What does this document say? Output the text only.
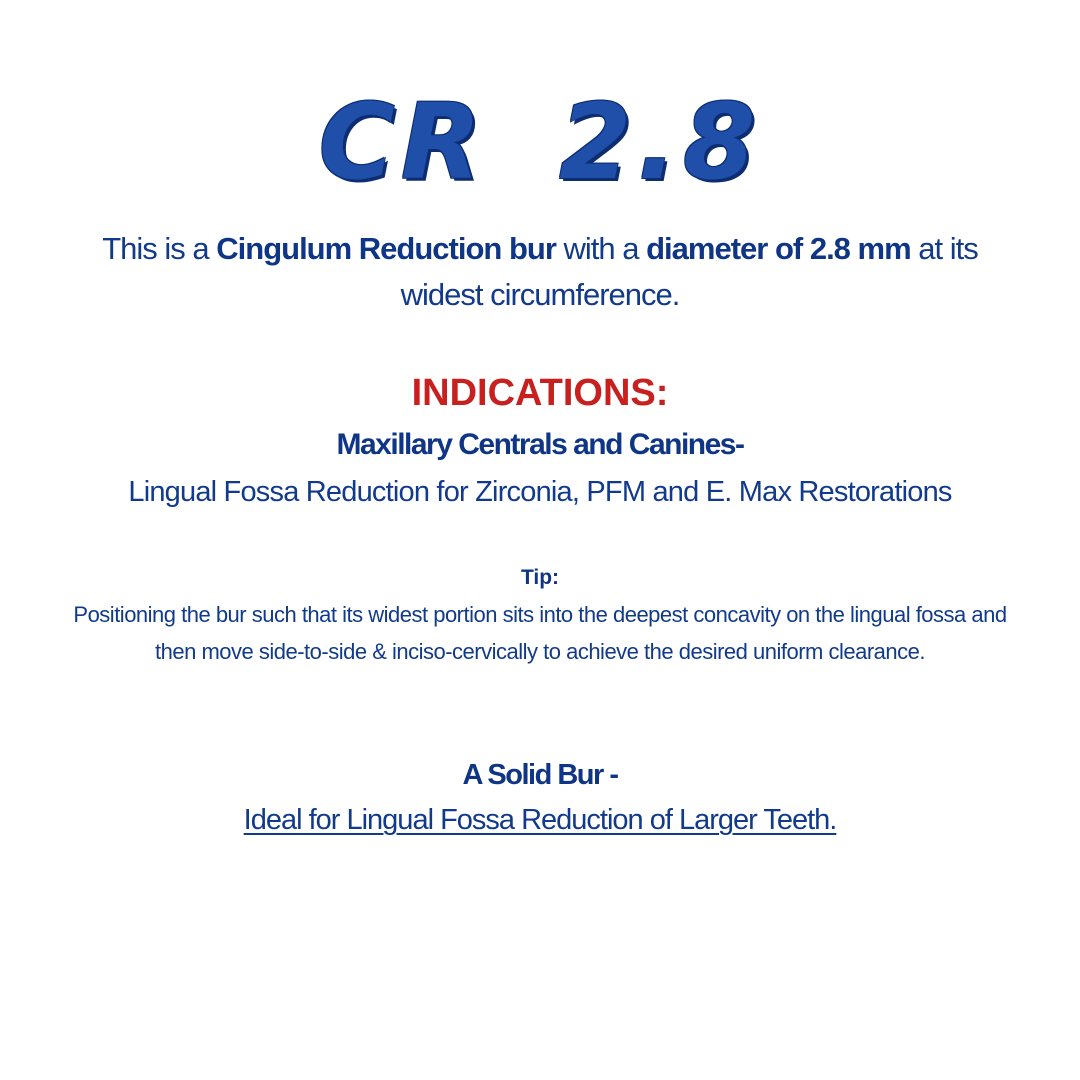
CR 2.8
This is a Cingulum Reduction bur with a diameter of 2.8 mm at its widest circumference.
INDICATIONS:
Maxillary Centrals and Canines-
Lingual Fossa Reduction for Zirconia, PFM and E. Max Restorations
Tip:
Positioning the bur such that its widest portion sits into the deepest concavity on the lingual fossa and then move side-to-side & inciso-cervically to achieve the desired uniform clearance.
A Solid Bur -
Ideal for Lingual Fossa Reduction of Larger Teeth.
